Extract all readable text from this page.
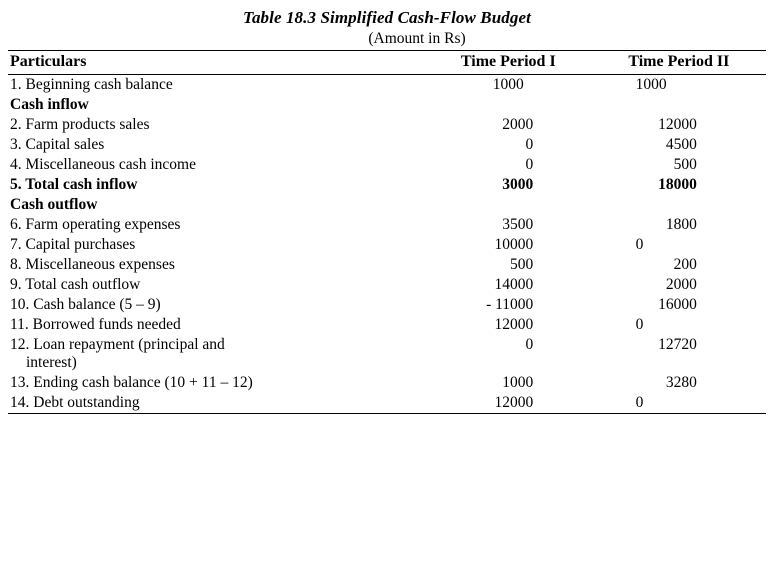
Table 18.3 Simplified Cash-Flow Budget
(Amount in Rs)
Particulars	Time Period I	Time Period II
1. Beginning cash balance	1000	1000
Cash inflow		
2. Farm products sales	2000	12000
3. Capital sales	0	4500
4. Miscellaneous cash income	0	500
5. Total cash inflow	3000	18000
Cash outflow		
6. Farm operating expenses	3500	1800
7. Capital purchases	10000	0
8. Miscellaneous expenses	500	200
9. Total cash outflow	14000	2000
10. Cash balance (5 – 9)	- 11000	16000
11. Borrowed funds needed	12000	0
12. Loan repayment (principal and
interest)	0	12720
13. Ending cash balance (10 + 11 – 12)	1000	3280
14. Debt outstanding	12000	0
